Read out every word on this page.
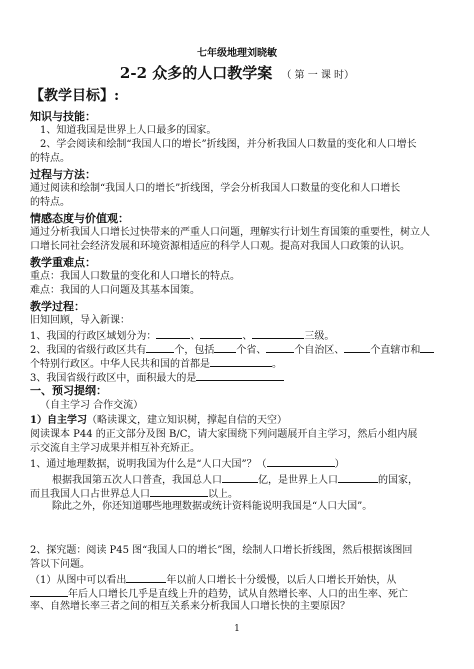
七年级地理刘晓敏
2-2 众多的人口教学案 （ 第 一 课 时）
【教学目标】:
知识与技能：
1、知道我国是世界上人口最多的国家。
2、学会阅读和绘制“我国人口的增长”折线图，并分析我国人口数量的变化和人口增长
的特点。
过程与方法：
通过阅读和绘制“我国人口的增长”折线图，学会分析我国人口数量的变化和人口增长
的特点。
情感态度与价值观：
通过分析我国人口增长过快带来的严重人口问题，理解实行计划生育国策的重要性，树立人
口增长同社会经济发展和环境资源相适应的科学人口观。提高对我国人口政策的认识。
教学重难点：
重点：我国人口数量的变化和人口增长的特点。
难点：我国的人口问题及其基本国策。
教学过程：
旧知回顾，导入新课：
1、我国的行政区域划分为：	、	、	三级。
2、我国的省级行政区共有	个，包括 个省、	个自治区、	个直辖市和
个特别行政区。中华人民共和国的首都是	。
3、我国省级行政区中，面积最大的是
一、预习提纲：
（自主学习 合作交流）
1）自主学习（略读课文，建立知识树，撑起自信的天空）
阅读课本 P44 的正文部分及图 B/C，请大家围绕下列问题展开自主学习，然后小组内展
示交流自主学习成果并相互补充矫正。
1、通过地理数据，说明我国为什么是“人口大国”？（	）
根据我国第五次人口普查，我国总人口	亿，是世界上人口	的国家，
而且我国人口占世界总人口	以上。
除此之外，你还知道哪些地理数据或统计资料能说明我国是“人口大国”。
2、探究题：阅读 P45 图“我国人口的增长”图，绘制人口增长折线图，然后根据该图回
答以下问题。
（1）从图中可以看出	年以前人口增长十分缓慢，以后人口增长开始快，从
年后人口增长几乎是直线上升的趋势，试从自然增长率、人口的出生率、死亡
率、自然增长率三者之间的相互关系来分析我国人口增长快的主要原因？
1
